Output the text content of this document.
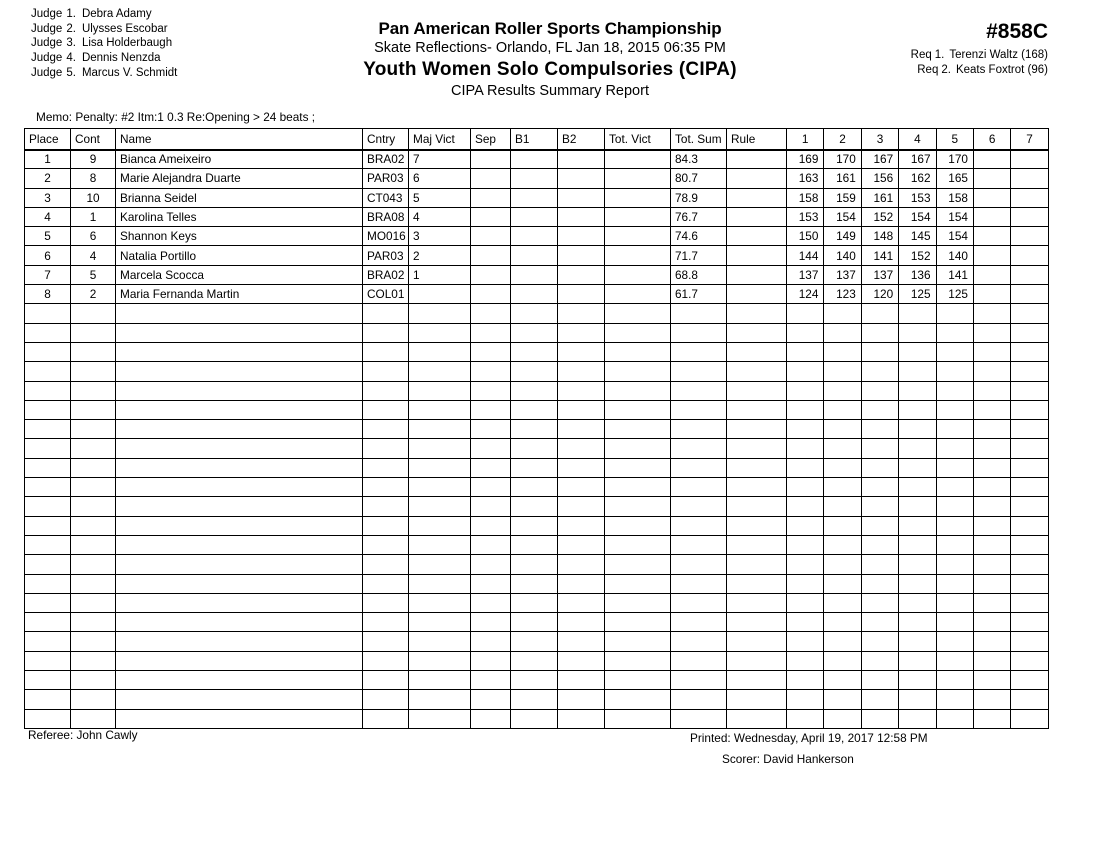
Judge 1. Debra Adamy
Judge 2. Ulysses Escobar
Judge 3. Lisa Holderbaugh
Judge 4. Dennis Nenzda
Judge 5. Marcus V. Schmidt
Pan American Roller Sports Championship
Skate Reflections- Orlando, FL Jan 18, 2015 06:35 PM
Youth Women Solo Compulsories (CIPA)
CIPA Results Summary Report
#858C
Req 1. Terenzi Waltz (168)
Req 2. Keats Foxtrot (96)
Memo: Penalty: #2 Itm:1 0.3 Re:Opening > 24 beats ;
Place	Cont	Name	Cntry	Maj Vict	Sep	B1	B2	Tot. Vict	Tot. Sum	Rule	1	2	3	4	5	6	7
1	9	Bianca Ameixeiro	BRA02	7					84.3		169	170	167	167	170		
2	8	Marie Alejandra Duarte	PAR03	6					80.7		163	161	156	162	165		
3	10	Brianna Seidel	CT043	5					78.9		158	159	161	153	158		
4	1	Karolina Telles	BRA08	4					76.7		153	154	152	154	154		
5	6	Shannon Keys	MO016	3					74.6		150	149	148	145	154		
6	4	Natalia Portillo	PAR03	2					71.7		144	140	141	152	140		
7	5	Marcela Scocca	BRA02	1					68.8		137	137	137	136	141		
8	2	Maria Fernanda Martin	COL01						61.7		124	123	120	125	125		

Referee: John Cawly	Printed: Wednesday, April 19, 2017 12:58 PM
Scorer: David Hankerson
